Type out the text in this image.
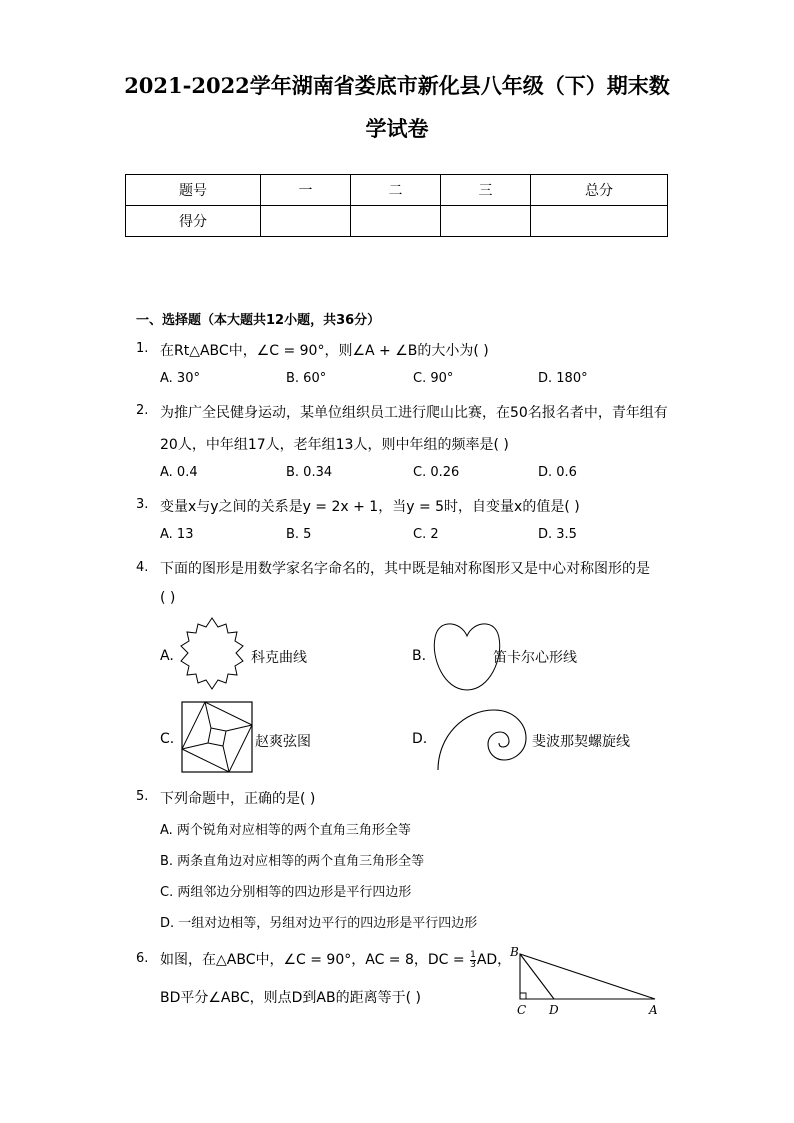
2021-2022学年湖南省娄底市新化县八年级（下）期末数
学试卷
题号	一	二	三	总分
得分				
一、选择题（本大题共12小题，共36分）
1. 在Rt△ABC中，∠C = 90°，则∠A + ∠B的大小为( )
A. 30°	B. 60°	C. 90°	D. 180°
2. 为推广全民健身运动，某单位组织员工进行爬山比赛，在50名报名者中，青年组有
20人，中年组17人，老年组13人，则中年组的频率是( )
A. 0.4	B. 0.34	C. 0.26	D. 0.6
3. 变量x与y之间的关系是y = 2x + 1，当y = 5时，自变量x的值是( )
A. 13	B. 5	C. 2	D. 3.5
4. 下面的图形是用数学家名字命名的，其中既是轴对称图形又是中心对称图形的是
( )
A.	科克曲线	B.	笛卡尔心形线
C.	赵爽弦图	D.	斐波那契螺旋线
5. 下列命题中，正确的是( )
A. 两个锐角对应相等的两个直角三角形全等
B. 两条直角边对应相等的两个直角三角形全等
C. 两组邻边分别相等的四边形是平行四边形
D. 一组对边相等，另组对边平行的四边形是平行四边形
6. 如图，在△ABC中，∠C = 90°，AC = 8，DC = $\frac{1}{3}$ AD，
BD平分∠ABC，则点D到AB的距离等于( )
B
C D	A
